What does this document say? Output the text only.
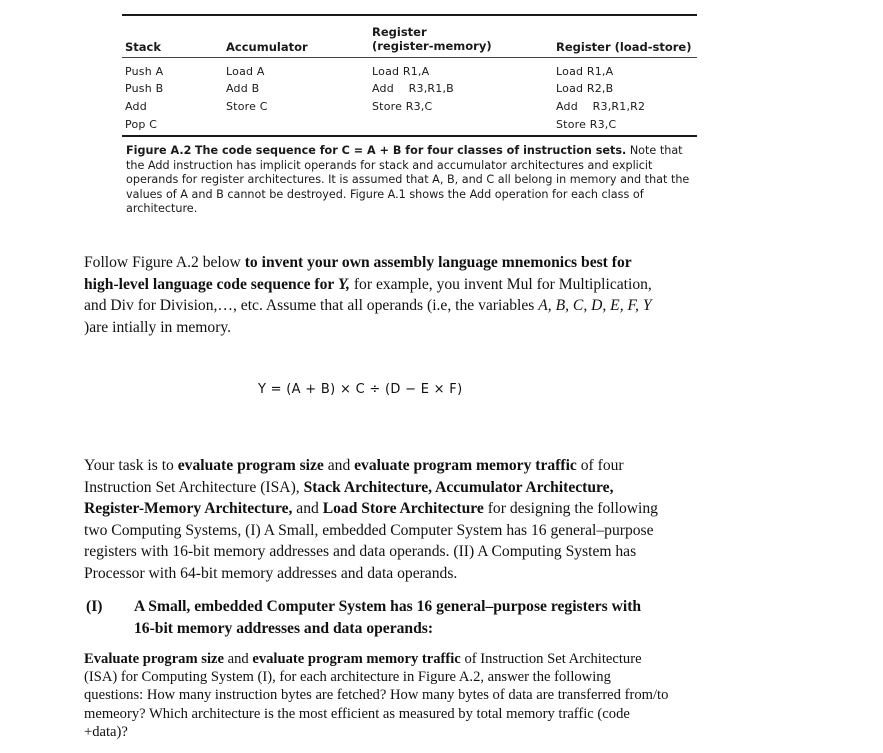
Stack	Accumulator
Register
(register-memory)	Register (load-store)
Push A
Push B
Add
Pop C
Load A
Add B
Store C
Load R1,A
Add    R3,R1,B
Store R3,C
Load R1,A
Load R2,B
Add    R3,R1,R2
Store R3,C
Figure A.2 The code sequence for C = A + B for four classes of instruction sets. Note that the Add instruction has implicit operands for stack and accumulator architectures and explicit operands for register architectures. It is assumed that A, B, and C all belong in memory and that the values of A and B cannot be destroyed. Figure A.1 shows the Add operation for each class of architecture.
Follow Figure A.2 below to invent your own assembly language mnemonics best for high-level language code sequence for Y, for example, you invent Mul for Multiplication, and Div for Division,…, etc. Assume that all operands (i.e, the variables A, B, C, D, E, F, Y )are intially in memory.
Y = (A + B) × C ÷ (D − E × F)
Your task is to evaluate program size and evaluate program memory traffic of four Instruction Set Architecture (ISA), Stack Architecture, Accumulator Architecture, Register-Memory Architecture, and Load Store Architecture for designing the following two Computing Systems, (I) A Small, embedded Computer System has 16 general–purpose registers with 16-bit memory addresses and data operands. (II) A Computing System has Processor with 64-bit memory addresses and data operands.
(I) A Small, embedded Computer System has 16 general–purpose registers with 16-bit memory addresses and data operands:
Evaluate program size and evaluate program memory traffic of Instruction Set Architecture (ISA) for Computing System (I), for each architecture in Figure A.2, answer the following questions: How many instruction bytes are fetched? How many bytes of data are transferred from/to memeory? Which architecture is the most efficient as measured by total memory traffic (code +data)?
